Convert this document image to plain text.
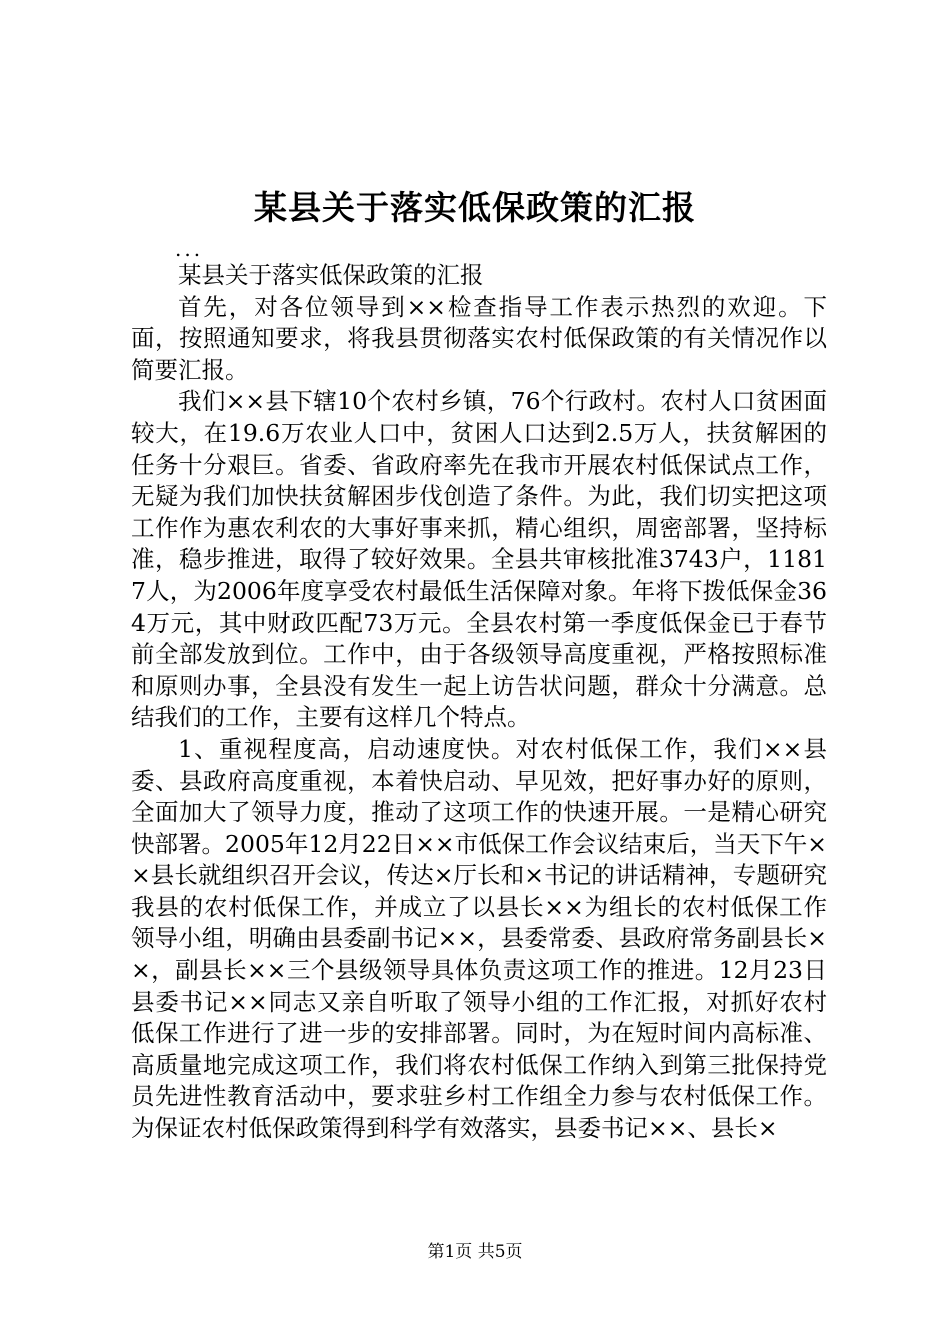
某县关于落实低保政策的汇报

...

某县关于落实低保政策的汇报

首先，对各位领导到××检查指导工作表示热烈的欢迎。下面，按照通知要求，将我县贯彻落实农村低保政策的有关情况作以简要汇报。

我们××县下辖10个农村乡镇，76个行政村。农村人口贫困面较大，在19.6万农业人口中，贫困人口达到2.5万人，扶贫解困的任务十分艰巨。省委、省政府率先在我市开展农村低保试点工作，无疑为我们加快扶贫解困步伐创造了条件。为此，我们切实把这项工作作为惠农利农的大事好事来抓，精心组织，周密部署，坚持标准，稳步推进，取得了较好效果。全县共审核批准3743户，11817人，为2006年度享受农村最低生活保障对象。年将下拨低保金364万元，其中财政匹配73万元。全县农村第一季度低保金已于春节前全部发放到位。工作中，由于各级领导高度重视，严格按照标准和原则办事，全县没有发生一起上访告状问题，群众十分满意。总结我们的工作，主要有这样几个特点。

1、重视程度高，启动速度快。对农村低保工作，我们××县委、县政府高度重视，本着快启动、早见效，把好事办好的原则，全面加大了领导力度，推动了这项工作的快速开展。一是精心研究快部署。2005年12月22日××市低保工作会议结束后，当天下午××县长就组织召开会议，传达×厅长和×书记的讲话精神，专题研究我县的农村低保工作，并成立了以县长××为组长的农村低保工作领导小组，明确由县委副书记××，县委常委、县政府常务副县长××，副县长××三个县级领导具体负责这项工作的推进。12月23日县委书记××同志又亲自听取了领导小组的工作汇报，对抓好农村低保工作进行了进一步的安排部署。同时，为在短时间内高标准、高质量地完成这项工作，我们将农村低保工作纳入到第三批保持党员先进性教育活动中，要求驻乡村工作组全力参与农村低保工作。为保证农村低保政策得到科学有效落实，县委书记××、县长×

第1页 共5页
